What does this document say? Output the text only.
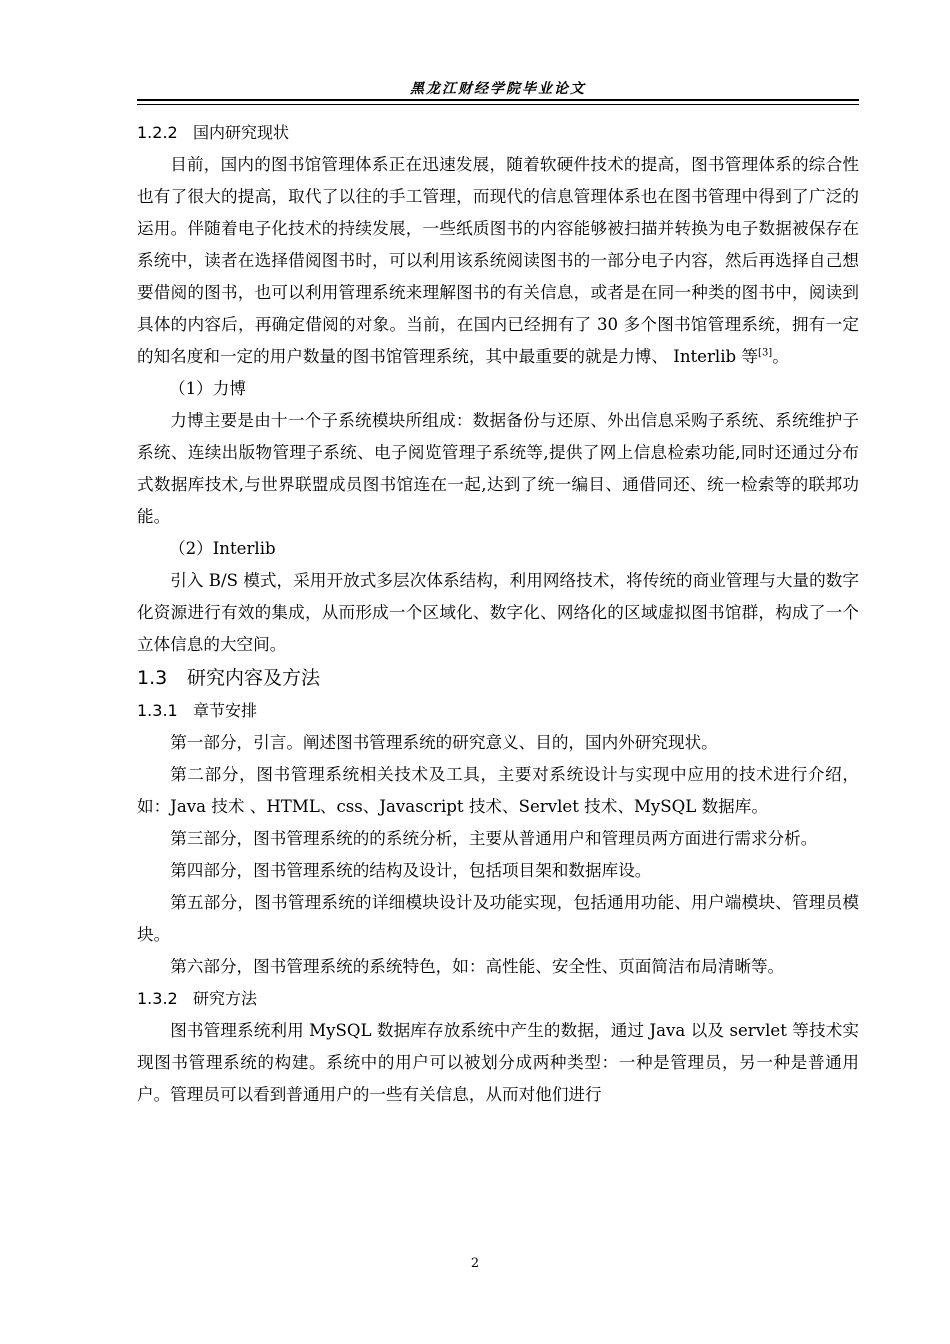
黑龙江财经学院毕业论文
1.2.2 国内研究现状

目前，国内的图书馆管理体系正在迅速发展，随着软硬件技术的提高，图书管理体系的综合性也有了很大的提高，取代了以往的手工管理，而现代的信息管理体系也在图书管理中得到了广泛的运用。伴随着电子化技术的持续发展，一些纸质图书的内容能够被扫描并转换为电子数据被保存在系统中，读者在选择借阅图书时，可以利用该系统阅读图书的一部分电子内容，然后再选择自己想要借阅的图书，也可以利用管理系统来理解图书的有关信息，或者是在同一种类的图书中，阅读到具体的内容后，再确定借阅的对象。当前，在国内已经拥有了 30 多个图书馆管理系统，拥有一定的知名度和一定的用户数量的图书馆管理系统，其中最重要的就是力博、 Interlib 等[3]。

（1）力博

力博主要是由十一个子系统模块所组成：数据备份与还原、外出信息采购子系统、系统维护子系统、连续出版物管理子系统、电子阅览管理子系统等,提供了网上信息检索功能,同时还通过分布式数据库技术,与世界联盟成员图书馆连在一起,达到了统一编目、通借同还、统一检索等的联邦功能。

（2）Interlib

引入 B/S 模式，采用开放式多层次体系结构，利用网络技术，将传统的商业管理与大量的数字化资源进行有效的集成，从而形成一个区域化、数字化、网络化的区域虚拟图书馆群，构成了一个立体信息的大空间。

1.3 研究内容及方法
1.3.1 章节安排

第一部分，引言。阐述图书管理系统的研究意义、目的，国内外研究现状。

第二部分，图书管理系统相关技术及工具，主要对系统设计与实现中应用的技术进行介绍，如：Java 技术 、HTML、css、Javascript 技术、Servlet 技术、MySQL 数据库。

第三部分，图书管理系统的的系统分析，主要从普通用户和管理员两方面进行需求分析。

第四部分，图书管理系统的结构及设计，包括项目架和数据库设。

第五部分，图书管理系统的详细模块设计及功能实现，包括通用功能、用户端模块、管理员模块。

第六部分，图书管理系统的系统特色，如：高性能、安全性、页面简洁布局清晰等。

1.3.2 研究方法

图书管理系统利用 MySQL 数据库存放系统中产生的数据，通过 Java 以及 servlet 等技术实现图书管理系统的构建。系统中的用户可以被划分成两种类型：一种是管理员，另一种是普通用户。管理员可以看到普通用户的一些有关信息，从而对他们进行

2
